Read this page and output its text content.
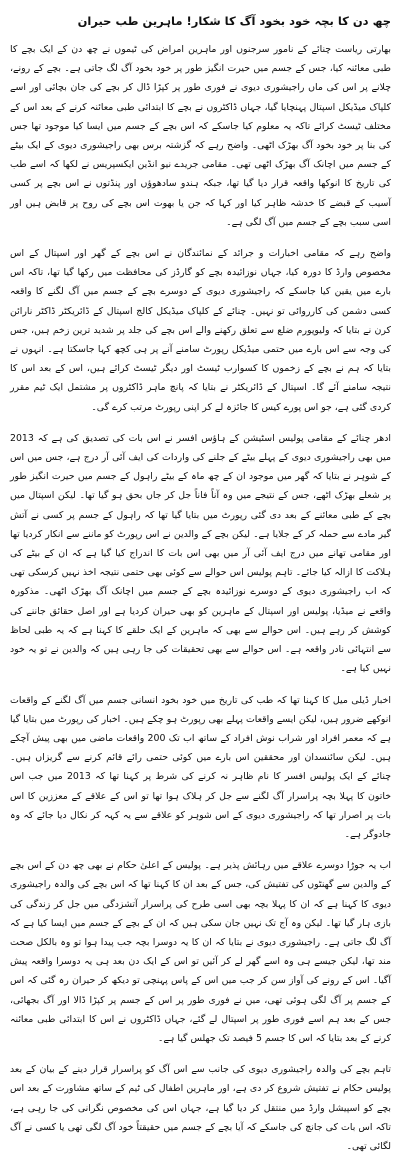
چھ دن کا بچہ خود بخود آگ کا شکار! ماہرین طب حیران

بھارتی ریاست چنائے کے نامور سرجنوں اور ماہرین امراض کی ٹیموں نے چھ دن کے ایک بچے کا طبی معائنہ کیا، جس کے جسم میں حیرت انگیز طور پر خود بخود آگ لگ جاتی ہے۔ بچے کے رونے، چلانے پر اس کی ماں راجیشوری دیوی نے فوری طور پر کپڑا ڈال کر بچے کی جان بچائی اور اسے کلپاک میڈیکل اسپتال پہنچایا گیا، جہاں ڈاکٹروں نے بچے کا ابتدائی طبی معائنہ کرنے کے بعد اس کے مختلف ٹیسٹ کرائے تاکہ یہ معلوم کیا جاسکے کہ اس بچے کے جسم میں ایسا کیا موجود تھا جس کی بنا پر خود بخود آگ بھڑک اٹھی۔ واضح رہے کہ گزشتہ برس بھی راجیشوری دیوی کے ایک بیٹے کے جسم میں اچانک آگ بھڑک اٹھی تھی۔ مقامی جریدے نیو انڈین ایکسپریس نے لکھا کہ اسے طب کی تاریخ کا انوکھا واقعہ قرار دیا گیا تھا، جبکہ ہندو سادھوؤں اور پنڈتوں نے اس بچے پر کسی آسیب کے قبضے کا خدشہ ظاہر کیا اور کہا کہ جن یا بھوت اس بچے کی روح پر قابض ہیں اور اسی سبب بچے کے جسم میں آگ لگی ہے۔

واضح رہے کہ مقامی اخبارات و جرائد کے نمائندگان نے اس بچے کے گھر اور اسپتال کے اس مخصوص وارڈ کا دورہ کیا، جہاں نوزائیدہ بچے کو گارڈز کی محافظت میں رکھا گیا تھا، تاکہ اس بارے میں یقین کیا جاسکے کہ راجیشوری دیوی کے دوسرے بچے کے جسم میں آگ لگنے کا واقعہ کسی دشمن کی کارروائی تو نہیں۔ چنائے کے کلپاک میڈیکل کالج اسپتال کے ڈائریکٹر ڈاکٹر نارائن کرن نے بتایا کہ ولیوپورم ضلع سے تعلق رکھنے والے اس بچے کی جلد پر شدید ترین زخم ہیں، جس کی وجہ سے اس بارے میں حتمی میڈیکل رپورٹ سامنے آنے پر ہی کچھ کہا جاسکتا ہے۔ انہوں نے بتایا کہ ہم نے بچے کے زخموں کا کسوارب ٹیسٹ اور دیگر ٹیسٹ کرائے ہیں، اس کے بعد اس کا نتیجہ سامنے آئے گا۔ اسپتال کے ڈائریکٹر نے بتایا کہ پانچ ماہر ڈاکٹروں پر مشتمل ایک ٹیم مقرر کردی گئی ہے، جو اس پورے کیس کا جائزہ لے کر اپنی رپورٹ مرتب کرے گی۔

ادھر چنائے کے مقامی پولیس اسٹیشن کے ہاؤس افسر نے اس بات کی تصدیق کی ہے کہ 2013 میں بھی راجیشوری دیوی کے پہلے بیٹے کے جلنے کی واردات کی ایف آئی آر درج ہے، جس میں اس کے شوہر نے بتایا کہ گھر میں موجود ان کے چھ ماہ کے بیٹے راہول کے جسم میں حیرت انگیز طور پر شعلے بھڑک اٹھے، جس کے نتیجے میں وہ آناً فاناً جل کر جاں بحق ہو گیا تھا۔ لیکن اسپتال میں بچے کے طبی معائنے کے بعد دی گئی رپورٹ میں بتایا گیا تھا کہ راہول کے جسم پر کسی نے آتش گیر مادے سے حملہ کر کے جلایا ہے۔ لیکن بچے کے والدین نے اس رپورٹ کو ماننے سے انکار کردیا تھا اور مقامی تھانے میں درج ایف آئی آر میں بھی اس بات کا اندراج کیا گیا ہے کہ ان کے بیٹے کی ہلاکت کا ازالہ کیا جائے۔ تاہم پولیس اس حوالے سے کوئی بھی حتمی نتیجہ اخذ نہیں کرسکی تھی کہ اب راجیشوری دیوی کے دوسرے نوزائیدہ بچے کے جسم میں اچانک آگ بھڑک اٹھی۔ مذکورہ واقعے نے میڈیا، پولیس اور اسپتال کے ماہرین کو بھی حیران کردیا ہے اور اصل حقائق جاننے کی کوشش کر رہے ہیں۔ اس حوالے سے بھی کہ ماہرین کے ایک حلقے کا کہنا ہے کہ یہ طبی لحاظ سے انتہائی نادر واقعہ ہے۔ اس حوالے سے بھی تحقیقات کی جا رہی ہیں کہ والدین نے تو یہ خود نہیں کیا ہے۔

اخبار ڈیلی میل کا کہنا تھا کہ طب کی تاریخ میں خود بخود انسانی جسم میں آگ لگنے کے واقعات انوکھے ضرور ہیں، لیکن ایسے واقعات پہلے بھی رپورٹ ہو چکے ہیں۔ اخبار کی رپورٹ میں بتایا گیا ہے کہ معمر افراد اور شراب نوش افراد کے ساتھ اب تک 200 واقعات ماضی میں بھی پیش آچکے ہیں۔ لیکن سائنسدان اور محققین اس بارے میں کوئی حتمی رائے قائم کرنے سے گریزاں ہیں۔ چنائے کے ایک پولیس افسر کا نام ظاہر نہ کرنے کی شرط پر کہنا تھا کہ 2013 میں جب اس خاتون کا پہلا بچہ پراسرار آگ لگنے سے جل کر ہلاک ہوا تھا تو اس کے علاقے کے معززین کا اس بات پر اصرار تھا کہ راجیشوری دیوی کے اس شوہر کو علاقے سے یہ کہہ کر نکال دیا جائے کہ وہ جادوگر ہے۔

اب یہ جوڑا دوسرے علاقے میں رہائش پذیر ہے۔ پولیس کے اعلیٰ حکام نے بھی چھ دن کے اس بچے کے والدین سے گھنٹوں کی تفتیش کی، جس کے بعد ان کا کہنا تھا کہ اس بچے کی والدہ راجیشوری دیوی کا کہنا ہے کہ ان کا پہلا بچہ بھی اسی طرح کی پراسرار آتشزدگی میں جل کر زندگی کی بازی ہار گیا تھا۔ لیکن وہ آج تک نہیں جان سکی ہیں کہ ان کے بچے کے جسم میں ایسا کیا ہے کہ آگ لگ جاتی ہے۔ راجیشوری دیوی نے بتایا کہ ان کا یہ دوسرا بچہ جب پیدا ہوا تو وہ بالکل صحت مند تھا، لیکن جیسے ہی وہ اسے گھر لے کر آئیں تو اس کے ایک دن بعد ہی یہ دوسرا واقعہ پیش آگیا۔ اس کے رونے کی آواز سن کر جب میں اس کے پاس پہنچی تو دیکھ کر حیران رہ گئی کہ اس کے جسم پر آگ لگی ہوئی تھی، میں نے فوری طور پر اس کے جسم پر کپڑا ڈالا اور آگ بجھائی، جس کے بعد ہم اسے فوری طور پر اسپتال لے گئے، جہاں ڈاکٹروں نے اس کا ابتدائی طبی معائنہ کرنے کے بعد بتایا کہ اس کا جسم 5 فیصد تک جھلس گیا ہے۔

تاہم بچے کی والدہ راجیشوری دیوی کی جانب سے اس آگ کو پراسرار قرار دینے کے بیان کے بعد پولیس حکام نے تفتیش شروع کر دی ہے، اور ماہرین اطفال کی ٹیم کے ساتھ مشاورت کے بعد اس بچے کو اسپیشل وارڈ میں منتقل کر دیا گیا ہے، جہاں اس کی مخصوص نگرانی کی جا رہی ہے، تاکہ اس بات کی جانچ کی جاسکے کہ آیا بچے کے جسم میں حقیقتاً خود آگ لگی تھی یا کسی نے آگ لگائی تھی۔
